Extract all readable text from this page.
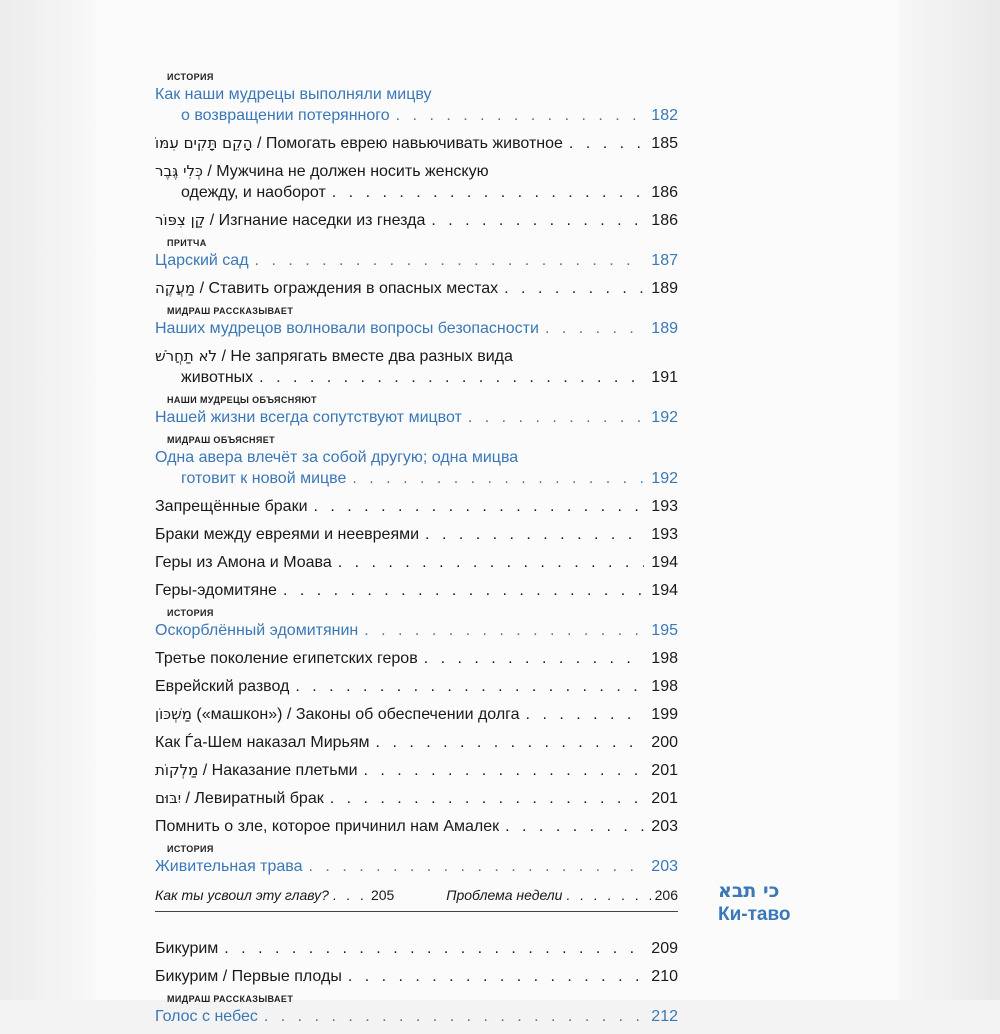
ИСТОРИЯ
Как наши мудрецы выполняли мицву
о возвращении потерянного . . .	182
הָקֵם תָּקִים עִמּוֹ
/ Помогать еврею навьючивать животное . . .	185
כְּלִי גֶּבֶר
/ Мужчина не должен носить женскую
одежду, и наоборот . . .	186
קַן צִפּוֹר
/ Изгнание наседки из гнезда . . .	186
ПРИТЧА
Царский сад . . .	187
מַעֲקֶה
/ Ставить ограждения в опасных местах . . .	189
МИДРАШ РАССКАЗЫВАЕТ
Наших мудрецов волновали вопросы безопасности . . .	189
לֹא תַחֲרֹשׁ
/ Не запрягать вместе два разных вида
животных . . .	191
НАШИ МУДРЕЦЫ ОБЪЯСНЯЮТ
Нашей жизни всегда сопутствуют мицвот . . .	192
МИДРАШ ОБЪЯСНЯЕТ
Одна авера влечёт за собой другую; одна мицва
готовит к новой мицве . . .	192
Запрещённые браки . . .	193
Браки между евреями и неевреями . . .	193
Геры из Амона и Моава . . .	194
Геры-эдомитяне . . .	194
ИСТОРИЯ
Оскорблённый эдомитянин . . .	195
Третье поколение египетских геров . . .	198
Еврейский развод . . .	198
מַשְׁכּוֹן
(«машкон») / Законы об обеспечении долга . . .	199
Как Ѓа-Шем наказал Мирьям . . .	200
מַלְקוֹת
/ Наказание плетьми . . .	201
יִבּוּם
/ Левиратный брак . . .	201
Помнить о зле, которое причинил нам Амалек . . .	203
ИСТОРИЯ
Живительная трава . . .	203
Как ты усвоил эту главу? . . .	205	Проблема недели . . .	206
Бикурим . . .	209
Бикурим / Первые плоды . . .	210
МИДРАШ РАССКАЗЫВАЕТ
Голос с небес . . .	212
כי תבא
Ки-таво
